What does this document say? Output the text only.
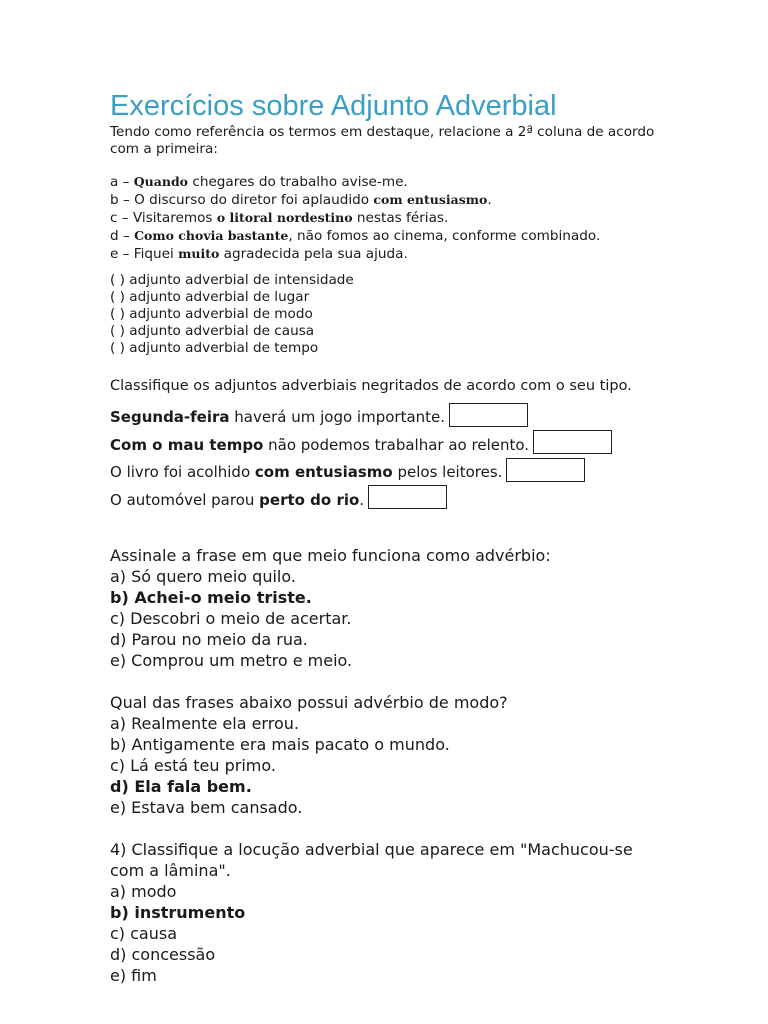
Exercícios sobre Adjunto Adverbial
Tendo como referência os termos em destaque, relacione a 2ª coluna de acordo
com a primeira:
a – Quando chegares do trabalho avise-me.
b – O discurso do diretor foi aplaudido com entusiasmo.
c – Visitaremos o litoral nordestino nestas férias.
d – Como chovia bastante, não fomos ao cinema, conforme combinado.
e – Fiquei muito agradecida pela sua ajuda.
( ) adjunto adverbial de intensidade
( ) adjunto adverbial de lugar
( ) adjunto adverbial de modo
( ) adjunto adverbial de causa
( ) adjunto adverbial de tempo
Classifique os adjuntos adverbiais negritados de acordo com o seu tipo.
Segunda-feira haverá um jogo importante.
Com o mau tempo não podemos trabalhar ao relento.
O livro foi acolhido com entusiasmo pelos leitores.
O automóvel parou perto do rio.
Assinale a frase em que meio funciona como advérbio:
a) Só quero meio quilo.
b) Achei-o meio triste.
c) Descobri o meio de acertar.
d) Parou no meio da rua.
e) Comprou um metro e meio.
Qual das frases abaixo possui advérbio de modo?
a) Realmente ela errou.
b) Antigamente era mais pacato o mundo.
c) Lá está teu primo.
d) Ela fala bem.
e) Estava bem cansado.
4) Classifique a locução adverbial que aparece em "Machucou-se
com a lâmina".
a) modo
b) instrumento
c) causa
d) concessão
e) fim
